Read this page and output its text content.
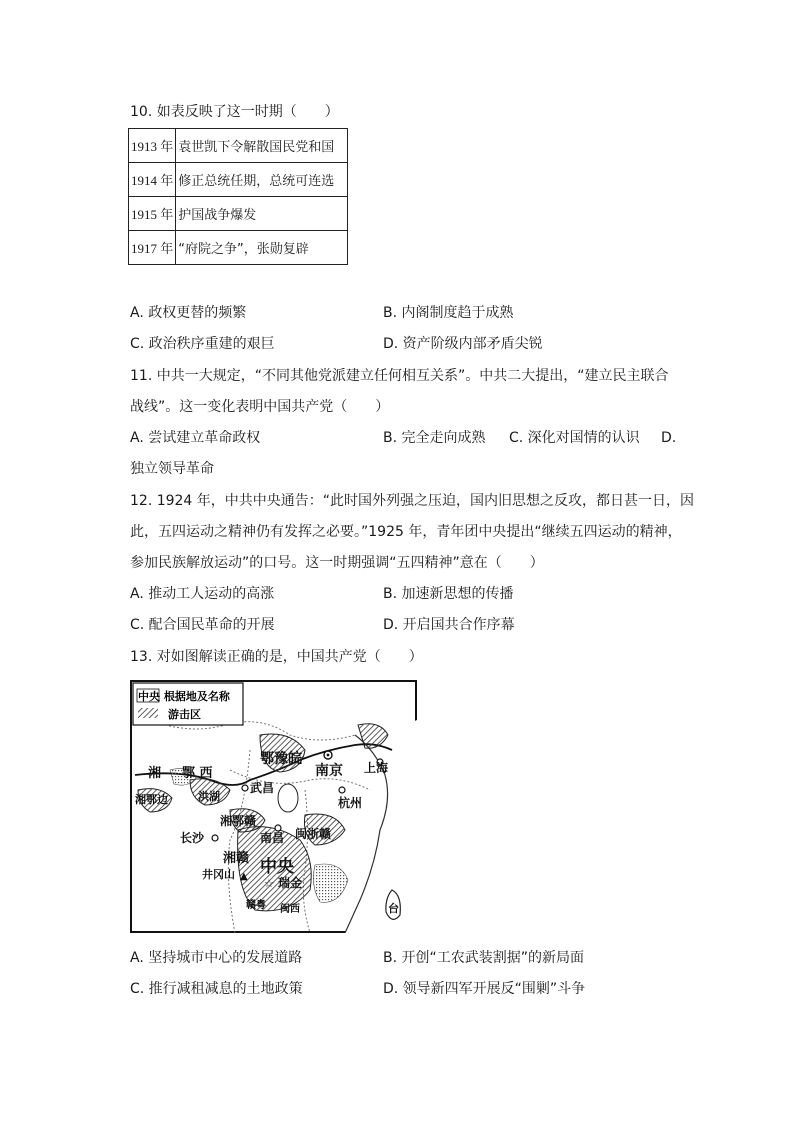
10. 如表反映了这一时期（　　）
1913 年	袁世凯下令解散国民党和国
1914 年	修正总统任期，总统可连选
1915 年	护国战争爆发
1917 年	“府院之争”，张勋复辟
A. 政权更替的频繁	B. 内阁制度趋于成熟
C. 政治秩序重建的艰巨	D. 资产阶级内部矛盾尖锐
11. 中共一大规定，“不同其他党派建立任何相互关系”。中共二大提出，“建立民主联合
战线”。这一变化表明中国共产党（　　）
A. 尝试建立革命政权	B. 完全走向成熟 C. 深化对国情的认识 D.
独立领导革命
12. 1924 年，中共中央通告：“此时国外列强之压迫，国内旧思想之反攻，都日甚一日，因
此，五四运动之精神仍有发挥之必要。”1925 年，青年团中央提出“继续五四运动的精神，
参加民族解放运动”的口号。这一时期强调“五四精神”意在（　　）
A. 推动工人运动的高涨	B. 加速新思想的传播
C. 配合国民革命的开展	D. 开启国共合作序幕
13. 对如图解读正确的是，中国共产党（　　）
中央 根据地及名称
游击区
▲
☆
湘 鄂 西
鄂豫皖
南京 上海
湘鄂边	洪湖
武昌
杭州
湘鄂赣
闽浙赣
长沙	南昌
湘赣 中央
井冈山
瑞金
闽西
赣粤	台
A. 坚持城市中心的发展道路	B. 开创“工农武装割据”的新局面
C. 推行减租减息的土地政策	D. 领导新四军开展反“围剿”斗争
